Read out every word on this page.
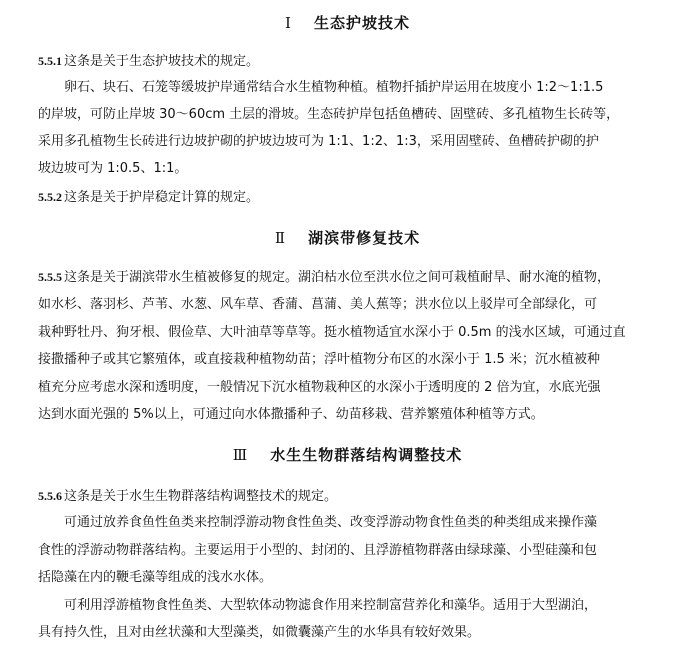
Ⅰ 生态护坡技术
5.5.1 这条是关于生态护坡技术的规定。
卵石、块石、石笼等缓坡护岸通常结合水生植物种植。植物扦插护岸运用在坡度小 1:2～1:1.5
的岸坡，可防止岸坡 30～60cm 土层的滑坡。生态砖护岸包括鱼槽砖、固壁砖、多孔植物生长砖等，
采用多孔植物生长砖进行边坡护砌的护坡边坡可为 1:1、1:2、1:3，采用固壁砖、鱼槽砖护砌的护
坡边坡可为 1:0.5、1:1。
5.5.2 这条是关于护岸稳定计算的规定。
Ⅱ 湖滨带修复技术
5.5.5 这条是关于湖滨带水生植被修复的规定。湖泊枯水位至洪水位之间可栽植耐旱、耐水淹的植物，
如水杉、落羽杉、芦苇、水葱、风车草、香蒲、菖蒲、美人蕉等；洪水位以上驳岸可全部绿化，可
栽种野牡丹、狗牙根、假俭草、大叶油草等草等。挺水植物适宜水深小于 0.5m 的浅水区域，可通过直
接撒播种子或其它繁殖体，或直接栽种植物幼苗；浮叶植物分布区的水深小于 1.5 米；沉水植被种
植充分应考虑水深和透明度，一般情况下沉水植物栽种区的水深小于透明度的 2 倍为宜，水底光强
达到水面光强的 5%以上，可通过向水体撒播种子、幼苗移栽、营养繁殖体种植等方式。
Ⅲ 水生生物群落结构调整技术
5.5.6 这条是关于水生生物群落结构调整技术的规定。
可通过放养食鱼性鱼类来控制浮游动物食性鱼类、改变浮游动物食性鱼类的种类组成来操作藻
食性的浮游动物群落结构。主要运用于小型的、封闭的、且浮游植物群落由绿球藻、小型硅藻和包
括隐藻在内的鞭毛藻等组成的浅水水体。
可利用浮游植物食性鱼类、大型软体动物滤食作用来控制富营养化和藻华。适用于大型湖泊，
具有持久性，且对由丝状藻和大型藻类，如微囊藻产生的水华具有较好效果。
